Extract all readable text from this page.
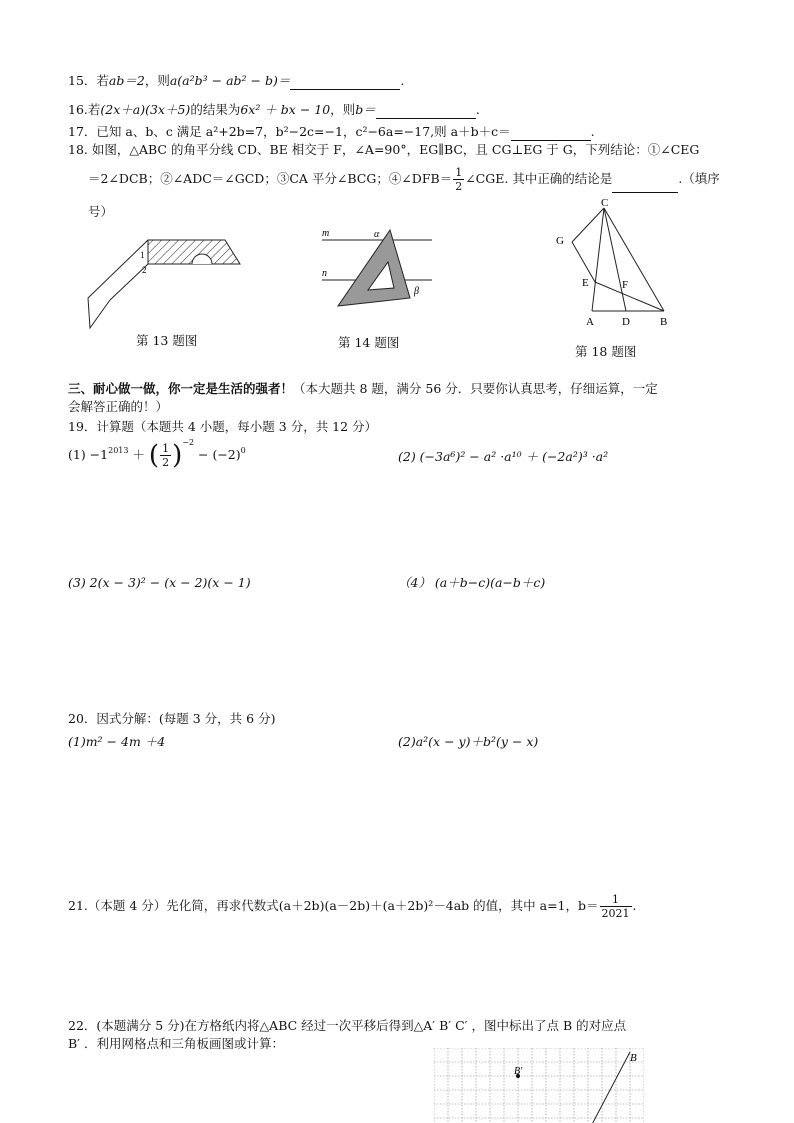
15．若ab＝2，则a(a²b³ − ab² − b)＝	.
16.若(2x＋a)(3x＋5)的结果为6x² ＋ bx − 10，则b＝	.
17．已知 a、b、c 满足 a²+2b=7，b²−2c=−1，c²−6a=−17,则 a＋b＋c＝	.
18. 如图，△ABC 的角平分线 CD、BE 相交于 F，∠A=90°，EG∥BC，且 CG⊥EG 于 G，下列结论：①∠CEG
＝2∠DCB；②∠ADC＝∠GCD；③CA 平分∠BCG；④∠DFB＝ $\frac{1}{2}$ ∠CGE. 其中正确的结论是	.（填序
号）
1
2
第 13 题图
m
n
α
β
第 14 题图
C
G
E	F
A	D	B
第 18 题图
三、耐心做一做，你一定是生活的强者！（本大题共 8 题，满分 56 分．只要你认真思考，仔细运算，一定
会解答正确的！）
19．计算题（本题共 4 小题，每小题 3 分，共 12 分）
$(1) -1^{2013}$ ＋ ( $\frac{1}{2} )^{-2} - (-2)^0$	(2) (−3a⁶)² − a² ·a¹⁰ ＋ (−2a²)³ ·a²
(3) 2(x − 3)² − (x − 2)(x − 1)	（4） (a＋b−c)(a−b＋c)
20．因式分解：(每题 3 分，共 6 分)
(1)m² − 4m ＋4	(2)a²(x − y)＋b²(y − x)
21.（本题 4 分）先化简，再求代数式(a＋2b)(a－2b)＋(a＋2b)²－4ab 的值，其中 a=1，$b= \frac{1}{2021}$ .
22．(本题满分 5 分)在方格纸内将△ABC 经过一次平移后得到△A′ B′ C′ ，图中标出了点 B 的对应点
B′ ．利用网格点和三角板画图或计算：
B
B′
